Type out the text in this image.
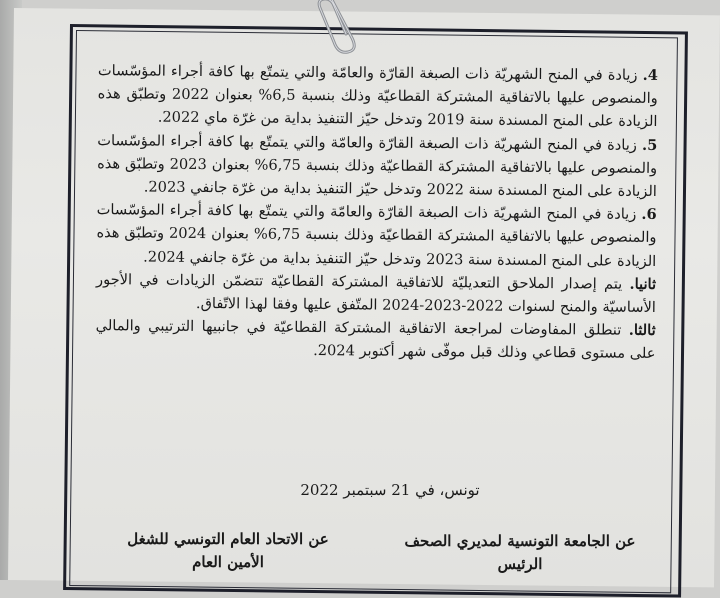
4. زيادة في المنح الشهريّة ذات الصبغة القارّة والعامّة والتي يتمتّع بها كافة أجراء المؤسّسات والمنصوص عليها بالاتفاقية المشتركة القطاعيّة وذلك بنسبة 6,5% بعنوان 2022 وتطبّق هذه الزيادة على المنح المسندة سنة 2019 وتدخل حيّز التنفيذ بداية من غرّة ماي 2022.

5. زيادة في المنح الشهريّة ذات الصبغة القارّة والعامّة والتي يتمتّع بها كافة أجراء المؤسّسات والمنصوص عليها بالاتفاقية المشتركة القطاعيّة وذلك بنسبة 6,75% بعنوان 2023 وتطبّق هذه الزيادة على المنح المسندة سنة 2022 وتدخل حيّز التنفيذ بداية من غرّة جانفي 2023.

6. زيادة في المنح الشهريّة ذات الصبغة القارّة والعامّة والتي يتمتّع بها كافة أجراء المؤسّسات والمنصوص عليها بالاتفاقية المشتركة القطاعيّة وذلك بنسبة 6,75% بعنوان 2024 وتطبّق هذه الزيادة على المنح المسندة سنة 2023 وتدخل حيّز التنفيذ بداية من غرّة جانفي 2024.

ثانيا. يتم إصدار الملاحق التعديليّة للاتفاقية المشتركة القطاعيّة تتضمّن الزيادات في الأجور الأساسيّة والمنح لسنوات 2022-2023-2024 المتّفق عليها وفقا لهذا الاتّفاق.

ثالثا. تنطلق المفاوضات لمراجعة الاتفاقية المشتركة القطاعيّة في جانبيها الترتيبي والمالي على مستوى قطاعي وذلك قبل موفّى شهر أكتوبر 2024.

تونس، في 21 سبتمبر 2022
عن الجامعة التونسية لمديري الصحف
الرئيس
عن الاتحاد العام التونسي للشغل
الأمين العام
